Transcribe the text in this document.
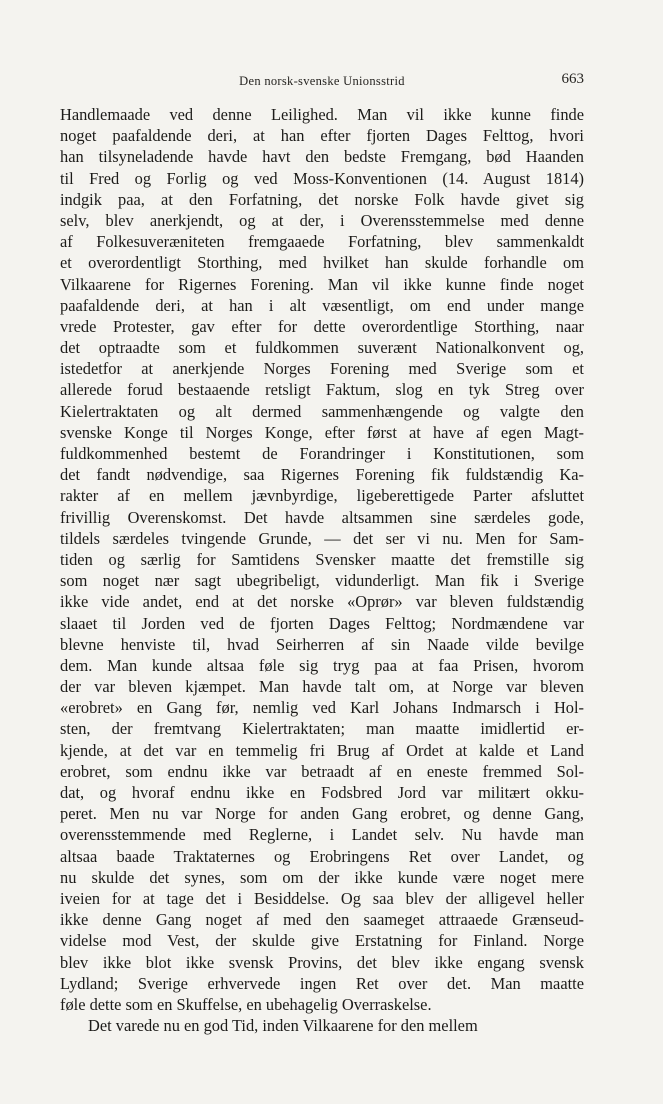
Den norsk-svenske Unionsstrid	663
Handlemaade ved denne Leilighed. Man vil ikke kunne finde
noget paafaldende deri, at han efter fjorten Dages Felttog, hvori
han tilsyneladende havde havt den bedste Fremgang, bød Haanden
til Fred og Forlig og ved Moss-Konventionen (14. August 1814)
indgik paa, at den Forfatning, det norske Folk havde givet sig
selv, blev anerkjendt, og at der, i Overensstemmelse med denne
af Folkesuveræniteten fremgaaede Forfatning, blev sammenkaldt
et overordentligt Storthing, med hvilket han skulde forhandle om
Vilkaarene for Rigernes Forening. Man vil ikke kunne finde noget
paafaldende deri, at han i alt væsentligt, om end under mange
vrede Protester, gav efter for dette overordentlige Storthing, naar
det optraadte som et fuldkommen suverænt Nationalkonvent og,
istedetfor at anerkjende Norges Forening med Sverige som et
allerede forud bestaaende retsligt Faktum, slog en tyk Streg over
Kielertraktaten og alt dermed sammenhængende og valgte den
svenske Konge til Norges Konge, efter først at have af egen Magt-
fuldkommenhed bestemt de Forandringer i Konstitutionen, som
det fandt nødvendige, saa Rigernes Forening fik fuldstændig Ka-
rakter af en mellem jævnbyrdige, ligeberettigede Parter afsluttet
frivillig Overenskomst. Det havde altsammen sine særdeles gode,
tildels særdeles tvingende Grunde, — det ser vi nu. Men for Sam-
tiden og særlig for Samtidens Svensker maatte det fremstille sig
som noget nær sagt ubegribeligt, vidunderligt. Man fik i Sverige
ikke vide andet, end at det norske «Oprør» var bleven fuldstændig
slaaet til Jorden ved de fjorten Dages Felttog; Nordmændene var
blevne henviste til, hvad Seirherren af sin Naade vilde bevilge
dem. Man kunde altsaa føle sig tryg paa at faa Prisen, hvorom
der var bleven kjæmpet. Man havde talt om, at Norge var bleven
«erobret» en Gang før, nemlig ved Karl Johans Indmarsch i Hol-
sten, der fremtvang Kielertraktaten; man maatte imidlertid er-
kjende, at det var en temmelig fri Brug af Ordet at kalde et Land
erobret, som endnu ikke var betraadt af en eneste fremmed Sol-
dat, og hvoraf endnu ikke en Fodsbred Jord var militært okku-
peret. Men nu var Norge for anden Gang erobret, og denne Gang,
overensstemmende med Reglerne, i Landet selv. Nu havde man
altsaa baade Traktaternes og Erobringens Ret over Landet, og
nu skulde det synes, som om der ikke kunde være noget mere
iveien for at tage det i Besiddelse. Og saa blev der alligevel heller
ikke denne Gang noget af med den saameget attraaede Grænseud-
videlse mod Vest, der skulde give Erstatning for Finland. Norge
blev ikke blot ikke svensk Provins, det blev ikke engang svensk
Lydland; Sverige erhvervede ingen Ret over det. Man maatte
føle dette som en Skuffelse, en ubehagelig Overraskelse.
Det varede nu en god Tid, inden Vilkaarene for den mellem
